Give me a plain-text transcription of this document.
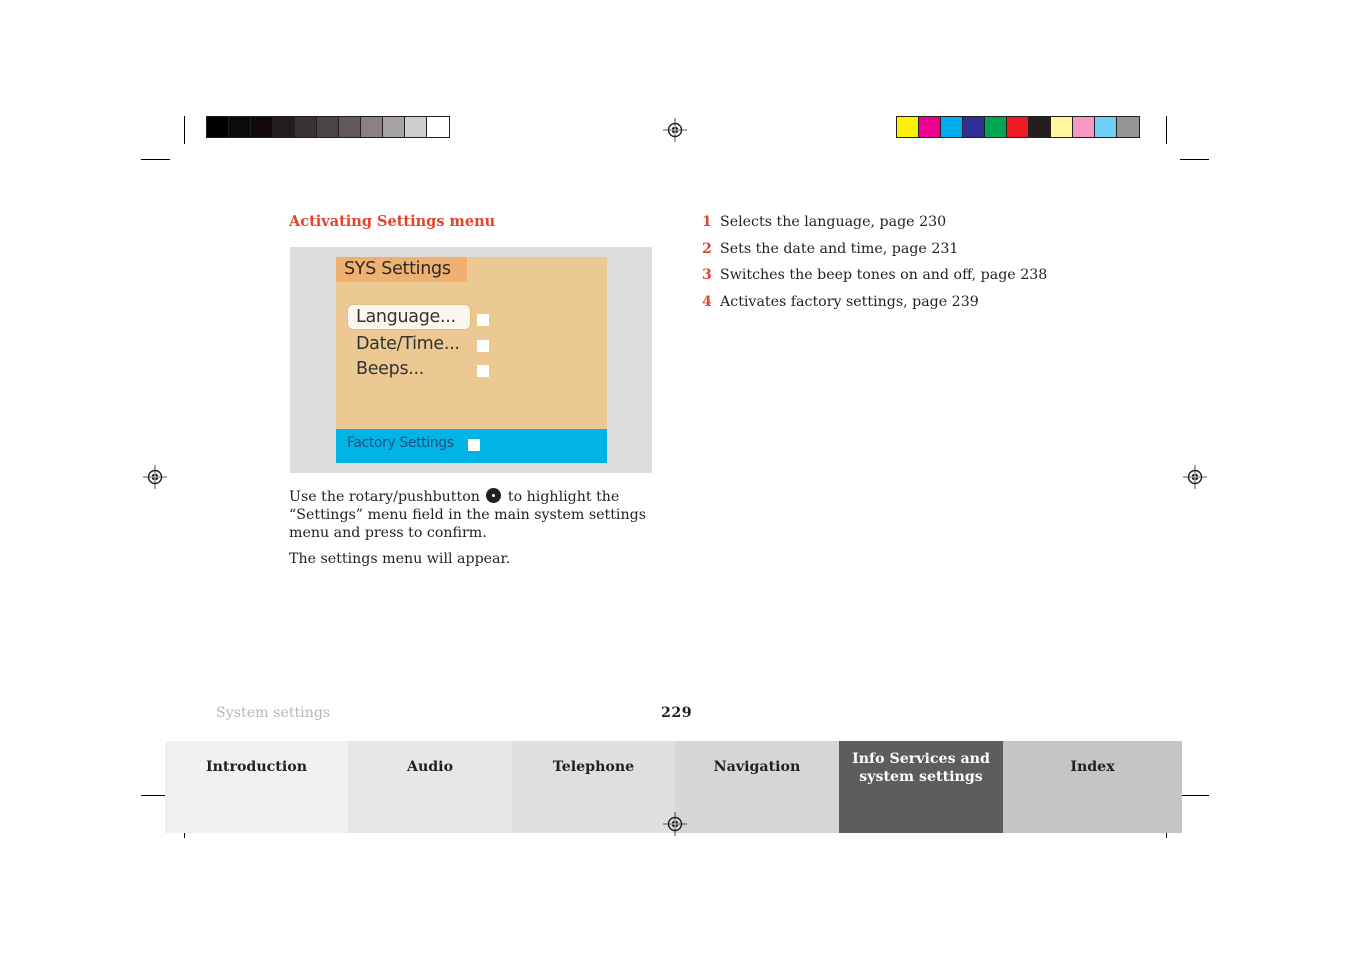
Activating Settings menu
SYS Settings
Language...
Date/Time...
Beeps...
Factory Settings
Use the rotary/pushbutton to highlight the
“Settings” menu field in the main system settings
menu and press to confirm.
The settings menu will appear.
1 Selects the language, page 230
2 Sets the date and time, page 231
3 Switches the beep tones on and off, page 238
4 Activates factory settings, page 239
System settings	229
Introduction	Audio	Telephone	Navigation	Info Services and
system settings
Index
